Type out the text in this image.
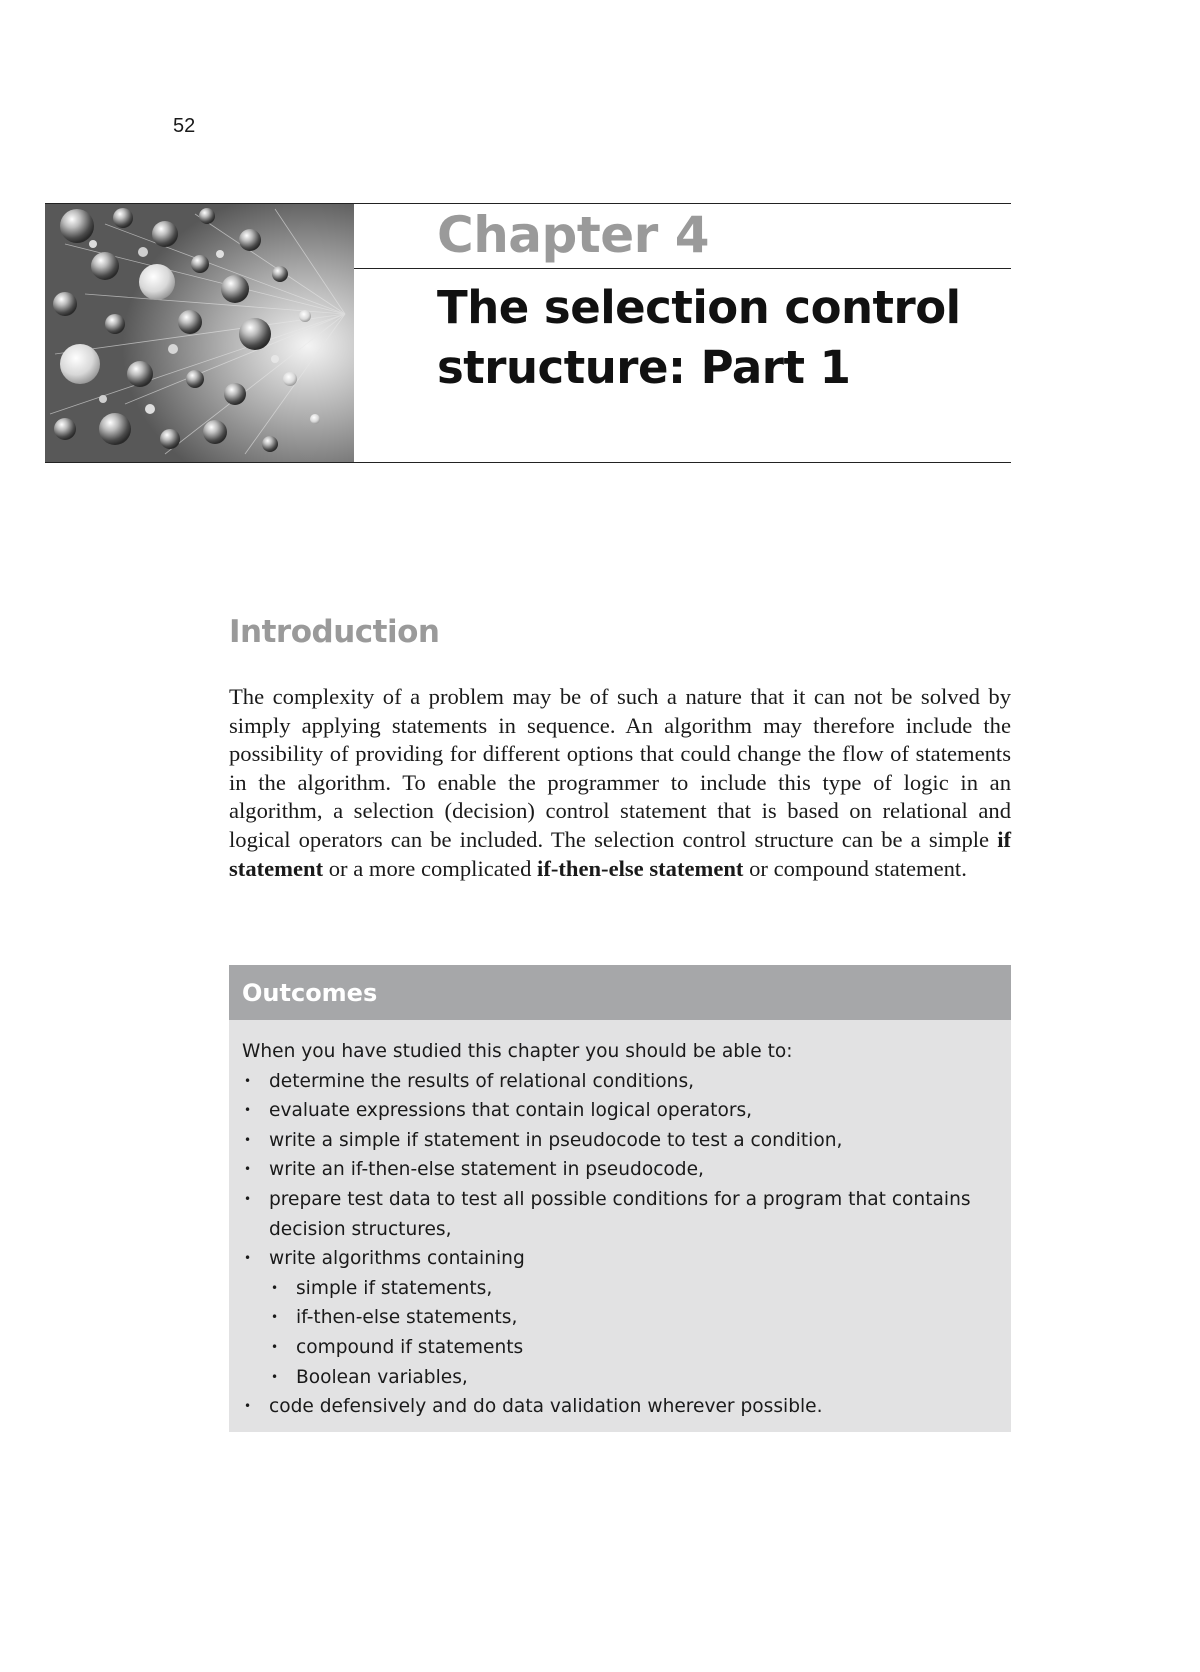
52
Chapter 4
The selection control
structure: Part 1
Introduction
The complexity of a problem may be of such a nature that it can not be solved by simply applying statements in sequence. An algorithm may therefore include the possibility of providing for different options that could change the flow of statements in the algorithm. To enable the programmer to include this type of logic in an algorithm, a selection (decision) control statement that is based on relational and logical operators can be included. The selection control structure can be a simple if statement or a more complicated if-then-else statement or compound statement.
Outcomes

When you have studied this chapter you should be able to:

• determine the results of relational conditions,
• evaluate expressions that contain logical operators,
• write a simple if statement in pseudocode to test a condition,
• write an if-then-else statement in pseudocode,
• prepare test data to test all possible conditions for a program that contains decision structures,
• write algorithms containing
• simple if statements,
• if-then-else statements,
• compound if statements
• Boolean variables,
• code defensively and do data validation wherever possible.
